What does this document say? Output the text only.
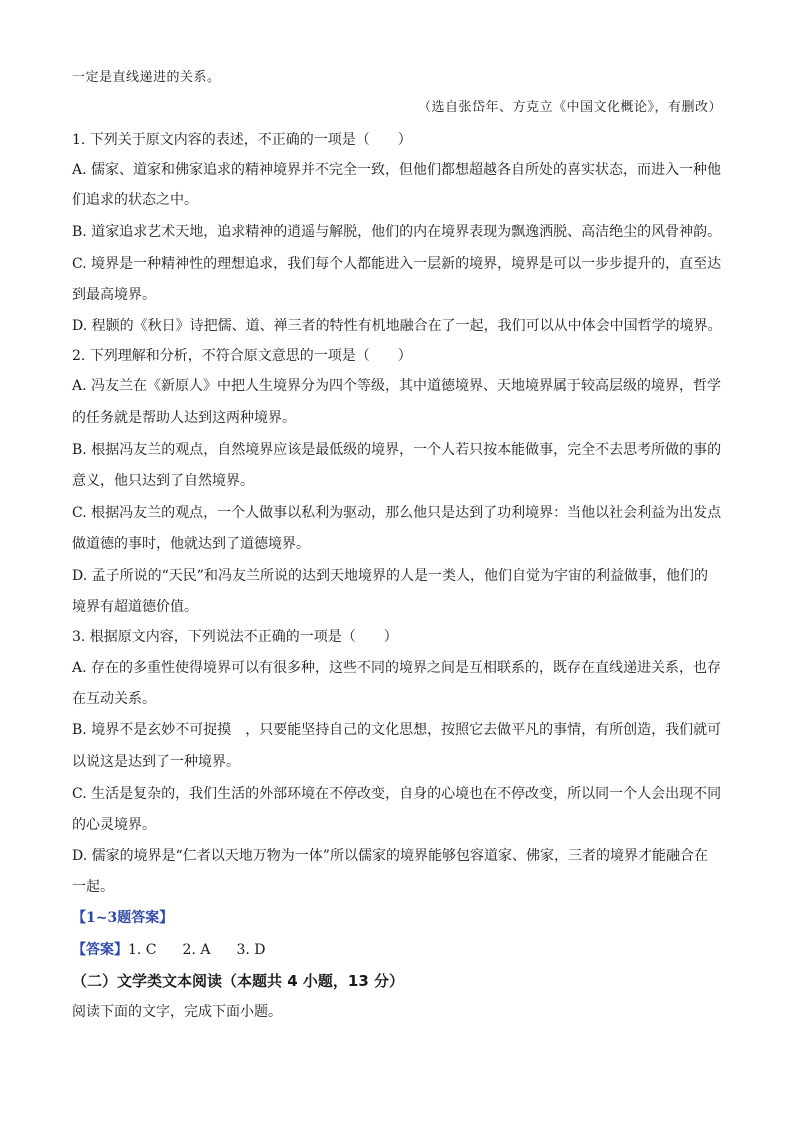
一定是直线递进的关系。
（选自张岱年、方克立《中国文化概论》，有删改）
1. 下列关于原文内容的表述，不正确的一项是（　　）
A. 儒家、道家和佛家追求的精神境界并不完全一致，但他们都想超越各自所处的喜实状态，而进入一种他
们追求的状态之中。
B. 道家追求艺术天地，追求精神的逍遥与解脱，他们的内在境界表现为飘逸洒脱、高洁绝尘的风骨神韵。
C. 境界是一种精神性的理想追求，我们每个人都能进入一层新的境界，境界是可以一步步提升的，直至达
到最高境界。
D. 程颢的《秋日》诗把儒、道、禅三者的特性有机地融合在了一起，我们可以从中体会中国哲学的境界。
2. 下列理解和分析，不符合原文意思的一项是（　　）
A. 冯友兰在《新原人》中把人生境界分为四个等级，其中道德境界、天地境界属于较高层级的境界，哲学
的任务就是帮助人达到这两种境界。
B. 根据冯友兰的观点，自然境界应该是最低级的境界，一个人若只按本能做事，完全不去思考所做的事的
意义，他只达到了自然境界。
C. 根据冯友兰的观点，一个人做事以私利为驱动，那么他只是达到了功利境界：当他以社会利益为出发点
做道德的事时，他就达到了道德境界。
D. 孟子所说的“天民”和冯友兰所说的达到天地境界的人是一类人，他们自觉为宇宙的利益做事，他们的
境界有超道德价值。
3. 根据原文内容，下列说法不正确的一项是（　　）
A. 存在的多重性使得境界可以有很多种，这些不同的境界之间是互相联系的，既存在直线递进关系，也存
在互动关系。
B. 境界不是玄妙不可捉摸　，只要能坚持自己的文化思想，按照它去做平凡的事情，有所创造，我们就可
以说这是达到了一种境界。
C. 生活是复杂的，我们生活的外部环境在不停改变，自身的心境也在不停改变，所以同一个人会出现不同
的心灵境界。
D. 儒家的境界是“仁者以天地万物为一体”所以儒家的境界能够包容道家、佛家，三者的境界才能融合在
一起。
【1~3题答案】
【答案】 1. C 2. A 3. D
（二）文学类文本阅读（本题共 4 小题，13 分）
阅读下面的文字，完成下面小题。
